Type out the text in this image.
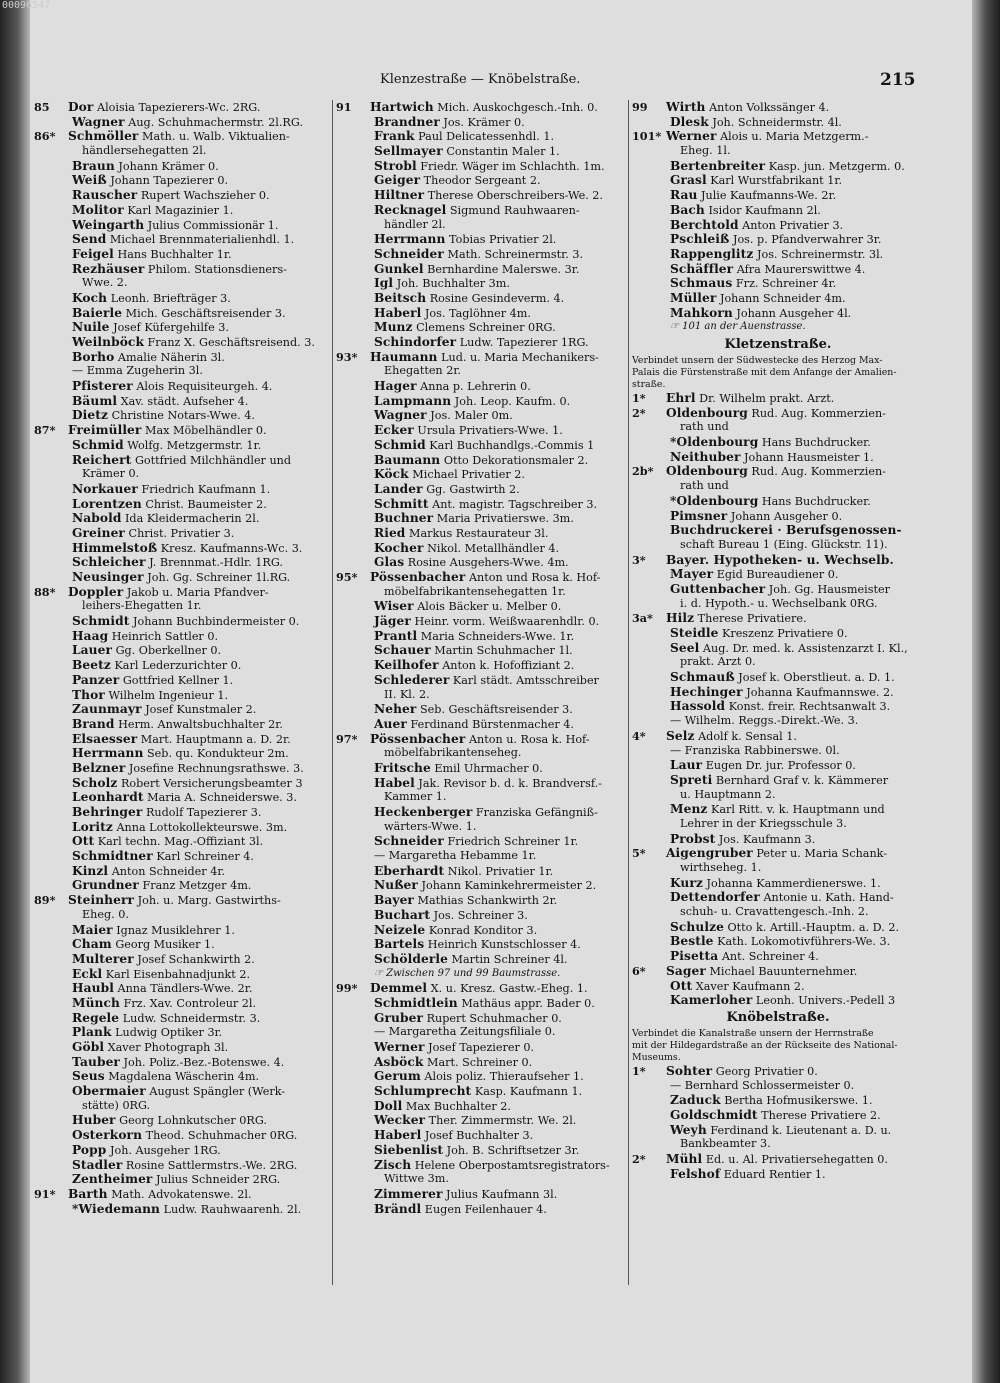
00096547
Klenzestraße — Knöbelstraße.	215
85 Dor Aloisia Tapezierers-Wc. 2RG.
Wagner Aug. Schuhmachermstr. 2l.RG.
86* Schmöller Math. u. Walb. Viktualien-
händlersehegatten 2l.
Braun Johann Krämer 0.
Weiß Johann Tapezierer 0.
Rauscher Rupert Wachszieher 0.
Molitor Karl Magazinier 1.
Weingarth Julius Commissionär 1.
Send Michael Brennmaterialienhdl. 1.
Feigel Hans Buchhalter 1r.
Rezhäuser Philom. Stationsdieners-
Wwe. 2.
Koch Leonh. Briefträger 3.
Baierle Mich. Geschäftsreisender 3.
Nuile Josef Küfergehilfe 3.
Weilnböck Franz X. Geschäftsreisend. 3.
Borho Amalie Näherin 3l.
— Emma Zugeherin 3l.
Pfisterer Alois Requisiteurgeh. 4.
Bäuml Xav. städt. Aufseher 4.
Dietz Christine Notars-Wwe. 4.
87* Freimüller Max Möbelhändler 0.
Schmid Wolfg. Metzgermstr. 1r.
Reichert Gottfried Milchhändler und
Krämer 0.
Norkauer Friedrich Kaufmann 1.
Lorentzen Christ. Baumeister 2.
Nabold Ida Kleidermacherin 2l.
Greiner Christ. Privatier 3.
Himmelstoß Kresz. Kaufmanns-Wc. 3.
Schleicher J. Brennmat.-Hdlr. 1RG.
Neusinger Joh. Gg. Schreiner 1l.RG.
88* Doppler Jakob u. Maria Pfandver-
leihers-Ehegatten 1r.
Schmidt Johann Buchbindermeister 0.
Haag Heinrich Sattler 0.
Lauer Gg. Oberkellner 0.
Beetz Karl Lederzurichter 0.
Panzer Gottfried Kellner 1.
Thor Wilhelm Ingenieur 1.
Zaunmayr Josef Kunstmaler 2.
Brand Herm. Anwaltsbuchhalter 2r.
Elsaesser Mart. Hauptmann a. D. 2r.
Herrmann Seb. qu. Kondukteur 2m.
Belzner Josefine Rechnungsrathswe. 3.
Scholz Robert Versicherungsbeamter 3
Leonhardt Maria A. Schneiderswe. 3.
Behringer Rudolf Tapezierer 3.
Loritz Anna Lottokollekteurswe. 3m.
Ott Karl techn. Mag.-Offiziant 3l.
Schmidtner Karl Schreiner 4.
Kinzl Anton Schneider 4r.
Grundner Franz Metzger 4m.
89* Steinherr Joh. u. Marg. Gastwirths-
Eheg. 0.
Maier Ignaz Musiklehrer 1.
Cham Georg Musiker 1.
Multerer Josef Schankwirth 2.
Eckl Karl Eisenbahnadjunkt 2.
Haubl Anna Tändlers-Wwe. 2r.
Münch Frz. Xav. Controleur 2l.
Regele Ludw. Schneidermstr. 3.
Plank Ludwig Optiker 3r.
Göbl Xaver Photograph 3l.
Tauber Joh. Poliz.-Bez.-Botenswe. 4.
Seus Magdalena Wäscherin 4m.
Obermaier August Spängler (Werk-
stätte) 0RG.
Huber Georg Lohnkutscher 0RG.
Osterkorn Theod. Schuhmacher 0RG.
Popp Joh. Ausgeher 1RG.
Stadler Rosine Sattlermstrs.-We. 2RG.
Zentheimer Julius Schneider 2RG.
91* Barth Math. Advokatenswe. 2l.
*Wiedemann Ludw. Rauhwaarenh. 2l.
91 Hartwich Mich. Auskochgesch.-Inh. 0.
Brandner Jos. Krämer 0.
Frank Paul Delicatessenhdl. 1.
Sellmayer Constantin Maler 1.
Strobl Friedr. Wäger im Schlachth. 1m.
Geiger Theodor Sergeant 2.
Hiltner Therese Oberschreibers-We. 2.
Recknagel Sigmund Rauhwaaren-
händler 2l.
Herrmann Tobias Privatier 2l.
Schneider Math. Schreinermstr. 3.
Gunkel Bernhardine Malerswe. 3r.
Igl Joh. Buchhalter 3m.
Beitsch Rosine Gesindeverm. 4.
Haberl Jos. Taglöhner 4m.
Munz Clemens Schreiner 0RG.
Schindorfer Ludw. Tapezierer 1RG.
93* Haumann Lud. u. Maria Mechanikers-
Ehegatten 2r.
Hager Anna p. Lehrerin 0.
Lampmann Joh. Leop. Kaufm. 0.
Wagner Jos. Maler 0m.
Ecker Ursula Privatiers-Wwe. 1.
Schmid Karl Buchhandlgs.-Commis 1
Baumann Otto Dekorationsmaler 2.
Köck Michael Privatier 2.
Lander Gg. Gastwirth 2.
Schmitt Ant. magistr. Tagschreiber 3.
Buchner Maria Privatierswe. 3m.
Ried Markus Restaurateur 3l.
Kocher Nikol. Metallhändler 4.
Glas Rosine Ausgehers-Wwe. 4m.
95* Pössenbacher Anton und Rosa k. Hof-
möbelfabrikantensehegatten 1r.
Wiser Alois Bäcker u. Melber 0.
Jäger Heinr. vorm. Weißwaarenhdlr. 0.
Prantl Maria Schneiders-Wwe. 1r.
Schauer Martin Schuhmacher 1l.
Keilhofer Anton k. Hofoffiziant 2.
Schlederer Karl städt. Amtsschreiber
II. Kl. 2.
Neher Seb. Geschäftsreisender 3.
Auer Ferdinand Bürstenmacher 4.
97* Pössenbacher Anton u. Rosa k. Hof-
möbelfabrikantenseheg.
Fritsche Emil Uhrmacher 0.
Habel Jak. Revisor b. d. k. Brandversf.-
Kammer 1.
Heckenberger Franziska Gefängniß-
wärters-Wwe. 1.
Schneider Friedrich Schreiner 1r.
— Margaretha Hebamme 1r.
Eberhardt Nikol. Privatier 1r.
Nußer Johann Kaminkehrermeister 2.
Bayer Mathias Schankwirth 2r.
Buchart Jos. Schreiner 3.
Neizele Konrad Konditor 3.
Bartels Heinrich Kunstschlosser 4.
Schölderle Martin Schreiner 4l.
☞ Zwischen 97 und 99 Baumstrasse.
99* Demmel X. u. Kresz. Gastw.-Eheg. 1.
Schmidtlein Mathäus appr. Bader 0.
Gruber Rupert Schuhmacher 0.
— Margaretha Zeitungsfiliale 0.
Werner Josef Tapezierer 0.
Asböck Mart. Schreiner 0.
Gerum Alois poliz. Thieraufseher 1.
Schlumprecht Kasp. Kaufmann 1.
Doll Max Buchhalter 2.
Wecker Ther. Zimmermstr. We. 2l.
Haberl Josef Buchhalter 3.
Siebenlist Joh. B. Schriftsetzer 3r.
Zisch Helene Oberpostamtsregistrators-
Wittwe 3m.
Zimmerer Julius Kaufmann 3l.
Brändl Eugen Feilenhauer 4.
99 Wirth Anton Volkssänger 4.
Dlesk Joh. Schneidermstr. 4l.
101* Werner Alois u. Maria Metzgerm.-
Eheg. 1l.
Bertenbreiter Kasp. jun. Metzgerm. 0.
Grasl Karl Wurstfabrikant 1r.
Rau Julie Kaufmanns-We. 2r.
Bach Isidor Kaufmann 2l.
Berchtold Anton Privatier 3.
Pschleiß Jos. p. Pfandverwahrer 3r.
Rappenglitz Jos. Schreinermstr. 3l.
Schäffler Afra Maurerswittwe 4.
Schmaus Frz. Schreiner 4r.
Müller Johann Schneider 4m.
Mahkorn Johann Ausgeher 4l.
☞ 101 an der Auenstrasse.
Kletzenstraße.
Verbindet unsern der Südwestecke des Herzog Max-
Palais die Fürstenstraße mit dem Anfange der Amalien-
straße.
1* Ehrl Dr. Wilhelm prakt. Arzt.
2* Oldenbourg Rud. Aug. Kommerzien-
rath und
*Oldenbourg Hans Buchdrucker.
Neithuber Johann Hausmeister 1.
2b* Oldenbourg Rud. Aug. Kommerzien-
rath und
*Oldenbourg Hans Buchdrucker.
Pimsner Johann Ausgeher 0.
Buchdruckerei · Berufsgenossen-
schaft Bureau 1 (Eing. Glückstr. 11).
3* Bayer. Hypotheken- u. Wechselb.
Mayer Egid Bureaudiener 0.
Guttenbacher Joh. Gg. Hausmeister
i. d. Hypoth.- u. Wechselbank 0RG.
3a* Hilz Therese Privatiere.
Steidle Kreszenz Privatiere 0.
Seel Aug. Dr. med. k. Assistenzarzt I. Kl.,
prakt. Arzt 0.
Schmauß Josef k. Oberstlieut. a. D. 1.
Hechinger Johanna Kaufmannswe. 2.
Hassold Konst. freir. Rechtsanwalt 3.
— Wilhelm. Reggs.-Direkt.-We. 3.
4* Selz Adolf k. Sensal 1.
— Franziska Rabbinerswe. 0l.
Laur Eugen Dr. jur. Professor 0.
Spreti Bernhard Graf v. k. Kämmerer
u. Hauptmann 2.
Menz Karl Ritt. v. k. Hauptmann und
Lehrer in der Kriegsschule 3.
Probst Jos. Kaufmann 3.
5* Aigengruber Peter u. Maria Schank-
wirthseheg. 1.
Kurz Johanna Kammerdienerswe. 1.
Dettendorfer Antonie u. Kath. Hand-
schuh- u. Cravattengesch.-Inh. 2.
Schulze Otto k. Artill.-Hauptm. a. D. 2.
Bestle Kath. Lokomotivführers-We. 3.
Pisetta Ant. Schreiner 4.
6* Sager Michael Bauunternehmer.
Ott Xaver Kaufmann 2.
Kamerloher Leonh. Univers.-Pedell 3
Knöbelstraße.
Verbindet die Kanalstraße unsern der Herrnstraße
mit der Hildegardstraße an der Rückseite des National-
Museums.
1* Sohter Georg Privatier 0.
— Bernhard Schlossermeister 0.
Zaduck Bertha Hofmusikerswe. 1.
Goldschmidt Therese Privatiere 2.
Weyh Ferdinand k. Lieutenant a. D. u.
Bankbeamter 3.
2* Mühl Ed. u. Al. Privatiersehegatten 0.
Felshof Eduard Rentier 1.
